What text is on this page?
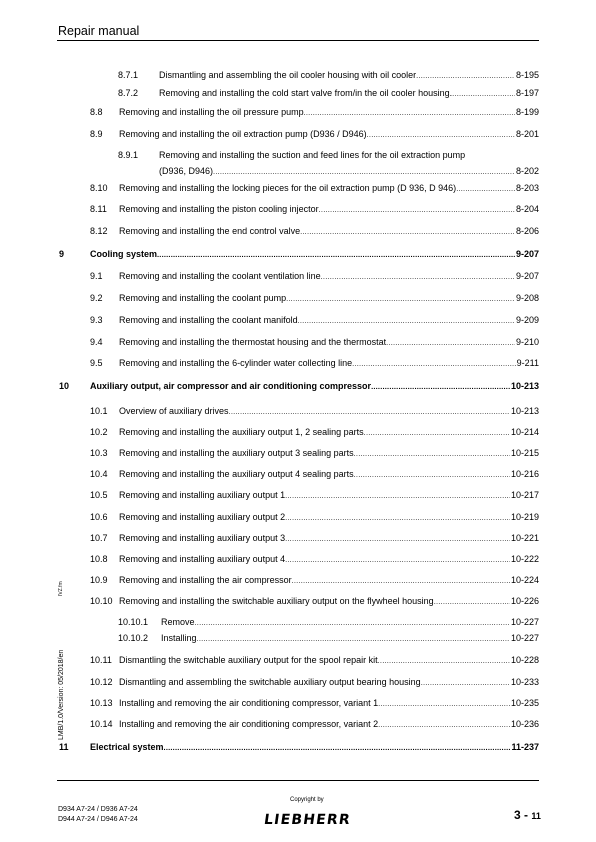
Repair manual
8.7.1 Dismantling and assembling the oil cooler housing with oil cooler .....	8-195
8.7.2 Removing and installing the cold start valve from/in the oil cooler housing. .....	8-197
8.8 Removing and installing the oil pressure pump .....	8-199
8.9 Removing and installing the oil extraction pump (D936 / D946) .....	8-201
8.9.1 Removing and installing the suction and feed lines for the oil extraction pump
(D936, D946) .....	8-202
8.10 Removing and installing the locking pieces for the oil extraction pump (D 936, D 946) .....	8-203
8.11 Removing and installing the piston cooling injector .....	8-204
8.12 Removing and installing the end control valve .....	8-206
9	Cooling system .....	9-207
9.1 Removing and installing the coolant ventilation line .....	9-207
9.2 Removing and installing the coolant pump .....	9-208
9.3 Removing and installing the coolant manifold .....	9-209
9.4 Removing and installing the thermostat housing and the thermostat .....	9-210
9.5 Removing and installing the 6-cylinder water collecting line .....	9-211
10 Auxiliary output, air compressor and air conditioning compressor .....	10-213
10.1 Overview of auxiliary drives .....	10-213
10.2 Removing and installing the auxiliary output 1, 2 sealing parts .....	10-214
10.3 Removing and installing the auxiliary output 3 sealing parts .....	10-215
10.4 Removing and installing the auxiliary output 4 sealing parts .....	10-216
10.5 Removing and installing auxiliary output 1 .....	10-217
10.6 Removing and installing auxiliary output 2 .....	10-219
10.7 Removing and installing auxiliary output 3 .....	10-221
10.8 Removing and installing auxiliary output 4 .....	10-222
10.9 Removing and installing the air compressor .....	10-224
10.10 Removing and installing the switchable auxiliary output on the flywheel housing .....	10-226
10.10.1 Remove .....	10-227
10.10.2 Installing .....	10-227
10.11 Dismantling the switchable auxiliary output for the spool repair kit .....	10-228
10.12 Dismantling and assembling the switchable auxiliary output bearing housing .....	10-233
10.13 Installing and removing the air conditioning compressor, variant 1 .....	10-235
10.14 Installing and removing the air conditioning compressor, variant 2 .....	10-236
11 Electrical system .....	11-237
LMB/1.0/Version: 05/2018/en
IVZ.fm
D934 A7-24 / D936 A7-24
D944 A7-24 / D946 A7-24
Copyright by
LIEBHERR	3 - 11
